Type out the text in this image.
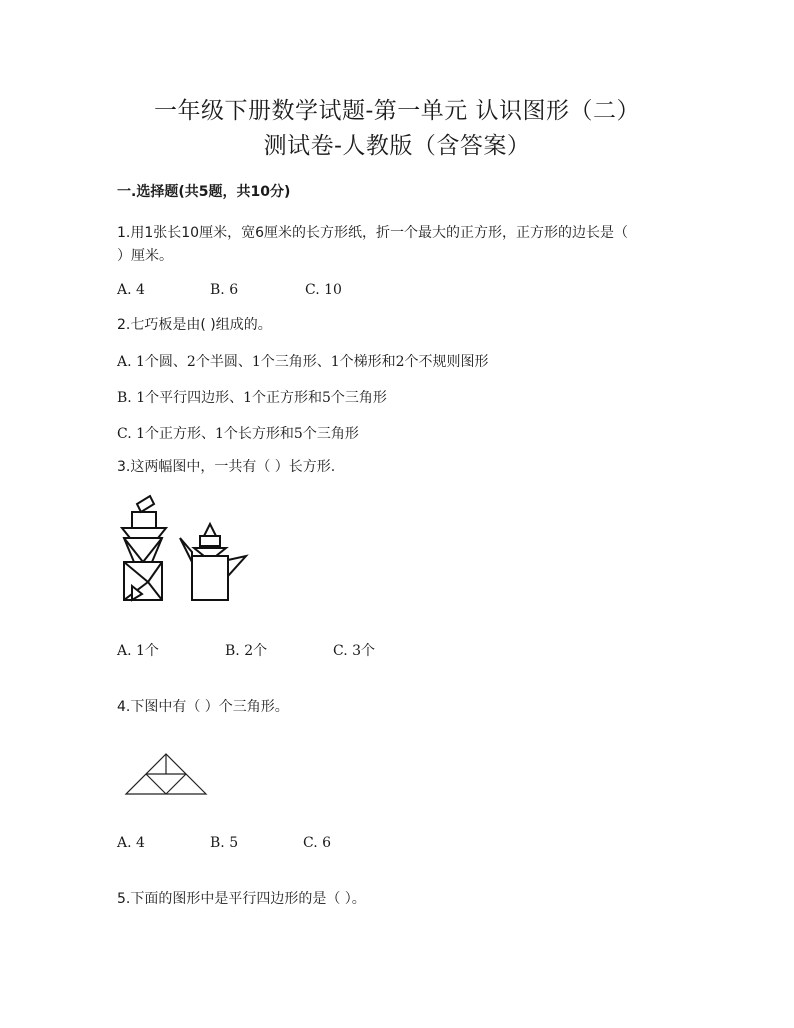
一年级下册数学试题-第一单元 认识图形（二）
测试卷-人教版（含答案）
一.选择题(共5题，共10分)
1.用1张长10厘米，宽6厘米的长方形纸，折一个最大的正方形，正方形的边长是（
）厘米。
A. 4	B. 6	C. 10
2.七巧板是由( )组成的。
A. 1个圆、2个半圆、1个三角形、1个梯形和2个不规则图形
B. 1个平行四边形、1个正方形和5个三角形
C. 1个正方形、1个长方形和5个三角形
3.这两幅图中，一共有（ ）长方形.
A. 1个	B. 2个	C. 3个
4.下图中有（ ）个三角形。
A. 4	B. 5	C. 6
5.下面的图形中是平行四边形的是（ ）。
